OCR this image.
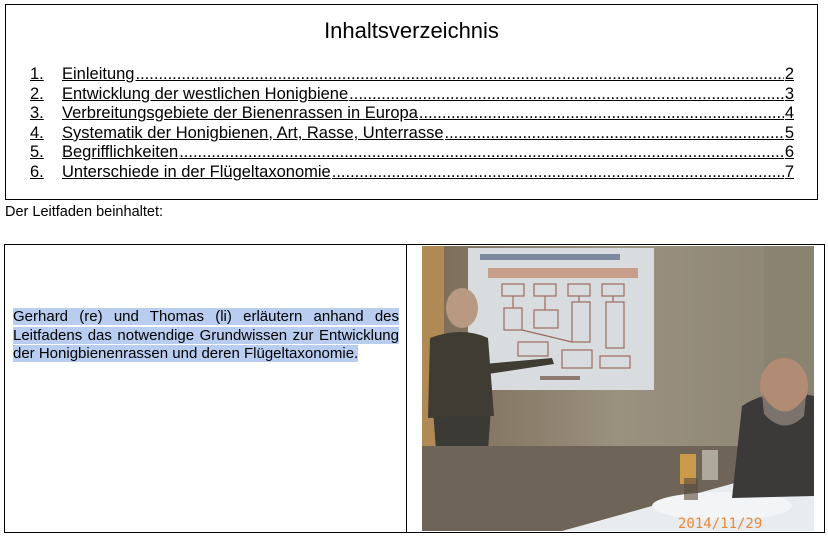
Inhaltsverzeichnis
1.	Einleitung .....	2
2.	Entwicklung der westlichen Honigbiene .....	3
3.	Verbreitungsgebiete der Bienenrassen in Europa .....	4
4.	Systematik der Honigbienen, Art, Rasse, Unterrasse .....	5
5.	Begrifflichkeiten .....	6
6.	Unterschiede in der Flügeltaxonomie .....	7
Der Leitfaden beinhaltet:
Gerhard (re) und Thomas (li) erläutern anhand des Leitfadens das notwendige Grundwissen zur Entwicklung der Honigbienenrassen und deren Flügeltaxonomie.
2014/11/29
